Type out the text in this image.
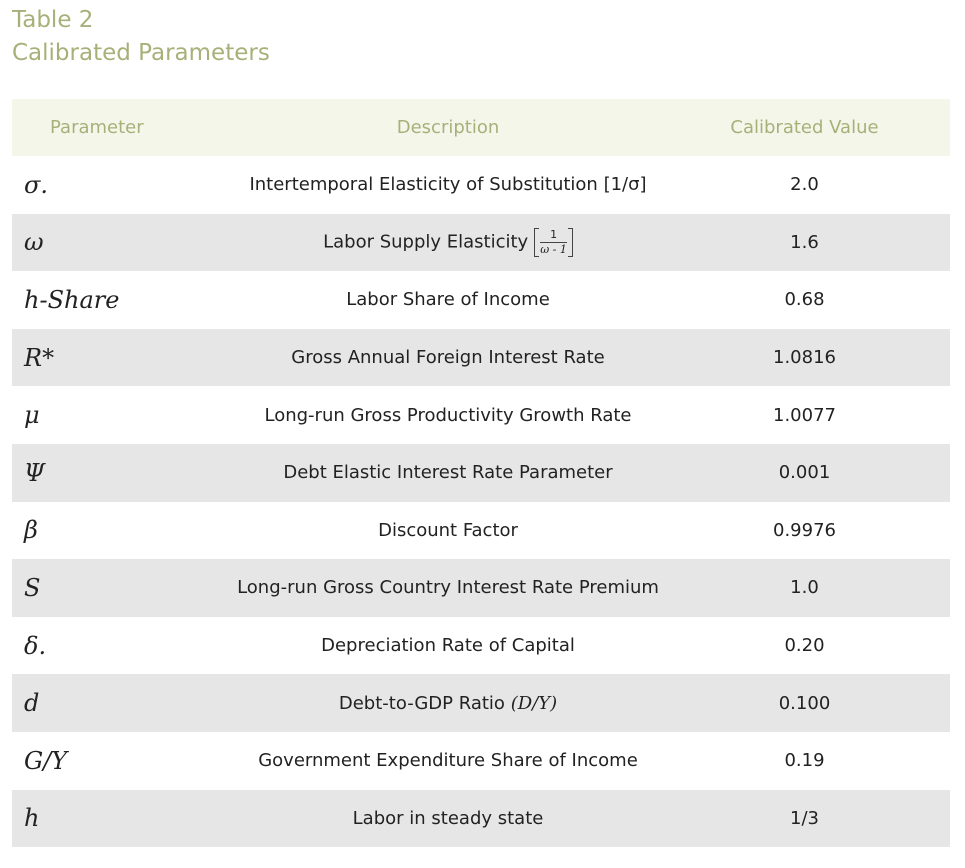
Table 2
Calibrated Parameters
Parameter	Description	Calibrated Value
σ.	Intertemporal Elasticity of Substitution [1/σ]	2.0
ω	Labor Supply Elasticity $\frac{1}{\omega - 1}$	1.6
h-Share	Labor Share of Income	0.68
R*	Gross Annual Foreign Interest Rate	1.0816
μ	Long-run Gross Productivity Growth Rate	1.0077
Ψ	Debt Elastic Interest Rate Parameter	0.001
β	Discount Factor	0.9976
S	Long-run Gross Country Interest Rate Premium	1.0
δ.	Depreciation Rate of Capital	0.20
d	Debt-to-GDP Ratio (D/Y)	0.100
G/Y	Government Expenditure Share of Income	0.19
h	Labor in steady state	1/3
